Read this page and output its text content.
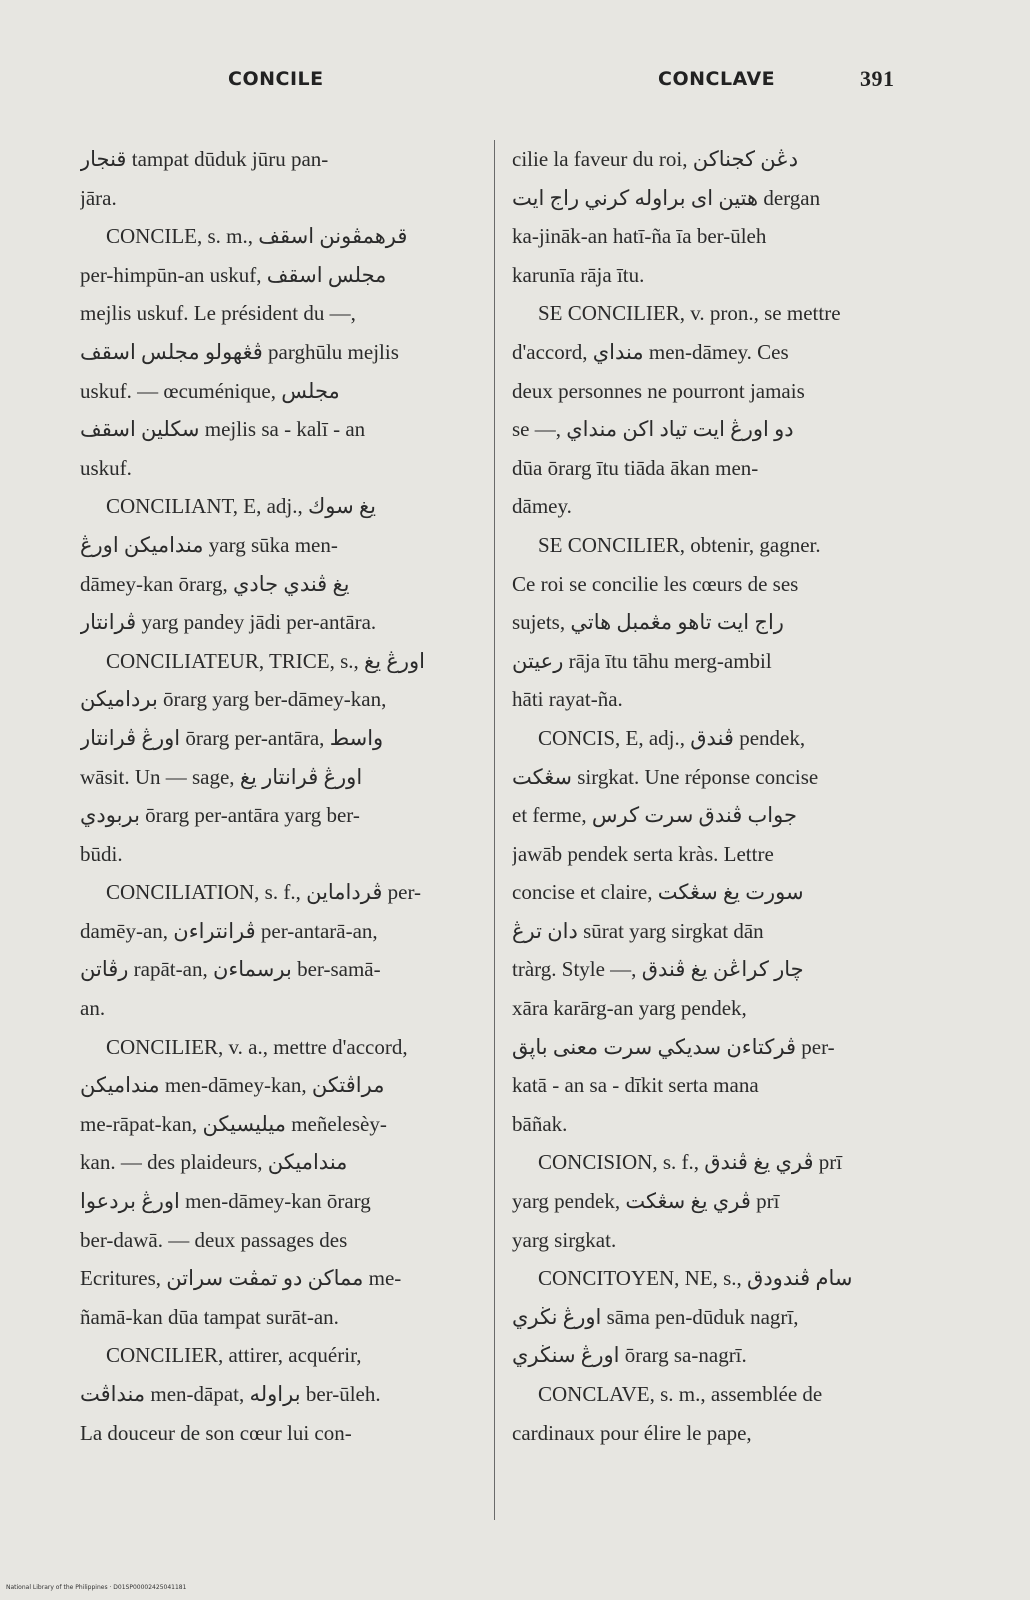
CONCILE	CONCLAVE	391
قنجار tampat dūduk jūru pan-
jāra.
CONCILE, s. m., قرهمڤونن اسقف
per-himpūn-an uskuf, مجلس اسقف
mejlis uskuf. Le président du —,
ڤڠهولو مجلس اسقف parghūlu mejlis
uskuf. — œcuménique, مجلس
سكلين اسقف mejlis sa - kalī - an
uskuf.
CONCILIANT, E, adj., يغ سوك
منداميكن اورڠ yarg sūka men-
dāmey-kan ōrarg, يغ ڤندي جادي
ڤرانتار yarg pandey jādi per-antāra.
CONCILIATEUR, TRICE, s., اورڠ يغ
برداميكن ōrarg yarg ber-dāmey-kan,
اورڠ ڤرانتار ōrarg per-antāra, واسط
wāsit. Un — sage, اورڠ ڤرانتار يغ
بربودي ōrarg per-antāra yarg ber-
būdi.
CONCILIATION, s. f., ڤرداماين per-
damēy-an, ڤرانتراءن per-antarā-an,
رڤاتن rapāt-an, برسماءن ber-samā-
an.
CONCILIER, v. a., mettre d'accord,
منداميكن men-dāmey-kan, مراڤتكن
me-rāpat-kan, ميليسيكن meñelesèy-
kan. — des plaideurs, منداميكن
اورڠ بردعوا men-dāmey-kan ōrarg
ber-dawā. — deux passages des
Ecritures, مماكن دو تمڤت سراتن me-
ñamā-kan dūa tampat surāt-an.
CONCILIER, attirer, acquérir,
منداڤت men-dāpat, براوله ber-ūleh.
La douceur de son cœur lui con-
cilie la faveur du roi, دڠن كجناكن
هتين اى براوله كرني راج ايت dergan
ka-jināk-an hatī-ña īa ber-ūleh
karunīa rāja ītu.
SE CONCILIER, v. pron., se mettre
d'accord, منداي men-dāmey. Ces
deux personnes ne pourront jamais
se —, دو اورڠ ايت تياد اكن منداي
dūa ōrarg ītu tiāda ākan men-
dāmey.
SE CONCILIER, obtenir, gagner.
Ce roi se concilie les cœurs de ses
sujets, راج ايت تاهو مڠمبل هاتي
رعيتن rāja ītu tāhu merg-ambil
hāti rayat-ña.
CONCIS, E, adj., ڤندق pendek,
سڠكت sirgkat. Une réponse concise
et ferme, جواب ڤندق سرت كرس
jawāb pendek serta kràs. Lettre
concise et claire, سورت يغ سڠكت
دان ترڠ sūrat yarg sirgkat dān
tràrg. Style —, چار كراڠن يغ ڤندق
xāra karārg-an yarg pendek,
ڤركتاءن سديكي سرت معنى باڽق per-
katā - an sa - dīkit serta mana
bāñak.
CONCISION, s. f., ڤري يغ ڤندق prī
yarg pendek, ڤري يغ سڠكت prī
yarg sirgkat.
CONCITOYEN, NE, s., سام ڤندودق
اورڠ نڬري sāma pen-dūduk nagrī,
اورڠ سنڬري ōrarg sa-nagrī.
CONCLAVE, s. m., assemblée de
cardinaux pour élire le pape,
National Library of the Philippines · D01SP00002425041181
